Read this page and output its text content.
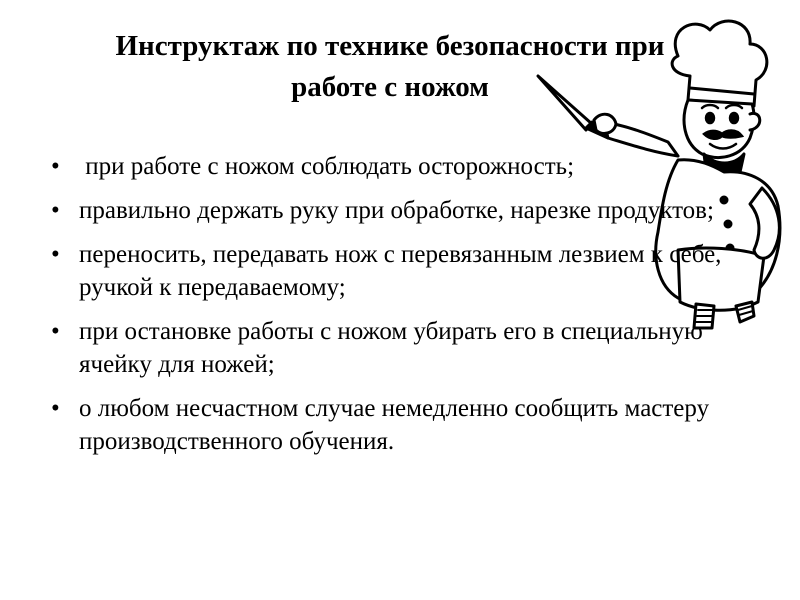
Инструктаж по технике безопасности при
работе с ножом
• при работе с ножом соблюдать осторожность;
• правильно держать руку при обработке, нарезке продуктов;
• переносить, передавать нож с перевязанным лезвием к себе, ручкой к передаваемому;
• при остановке работы с ножом убирать его в специальную ячейку для ножей;
• о любом несчастном случае немедленно сообщить мастеру производственного обучения.
